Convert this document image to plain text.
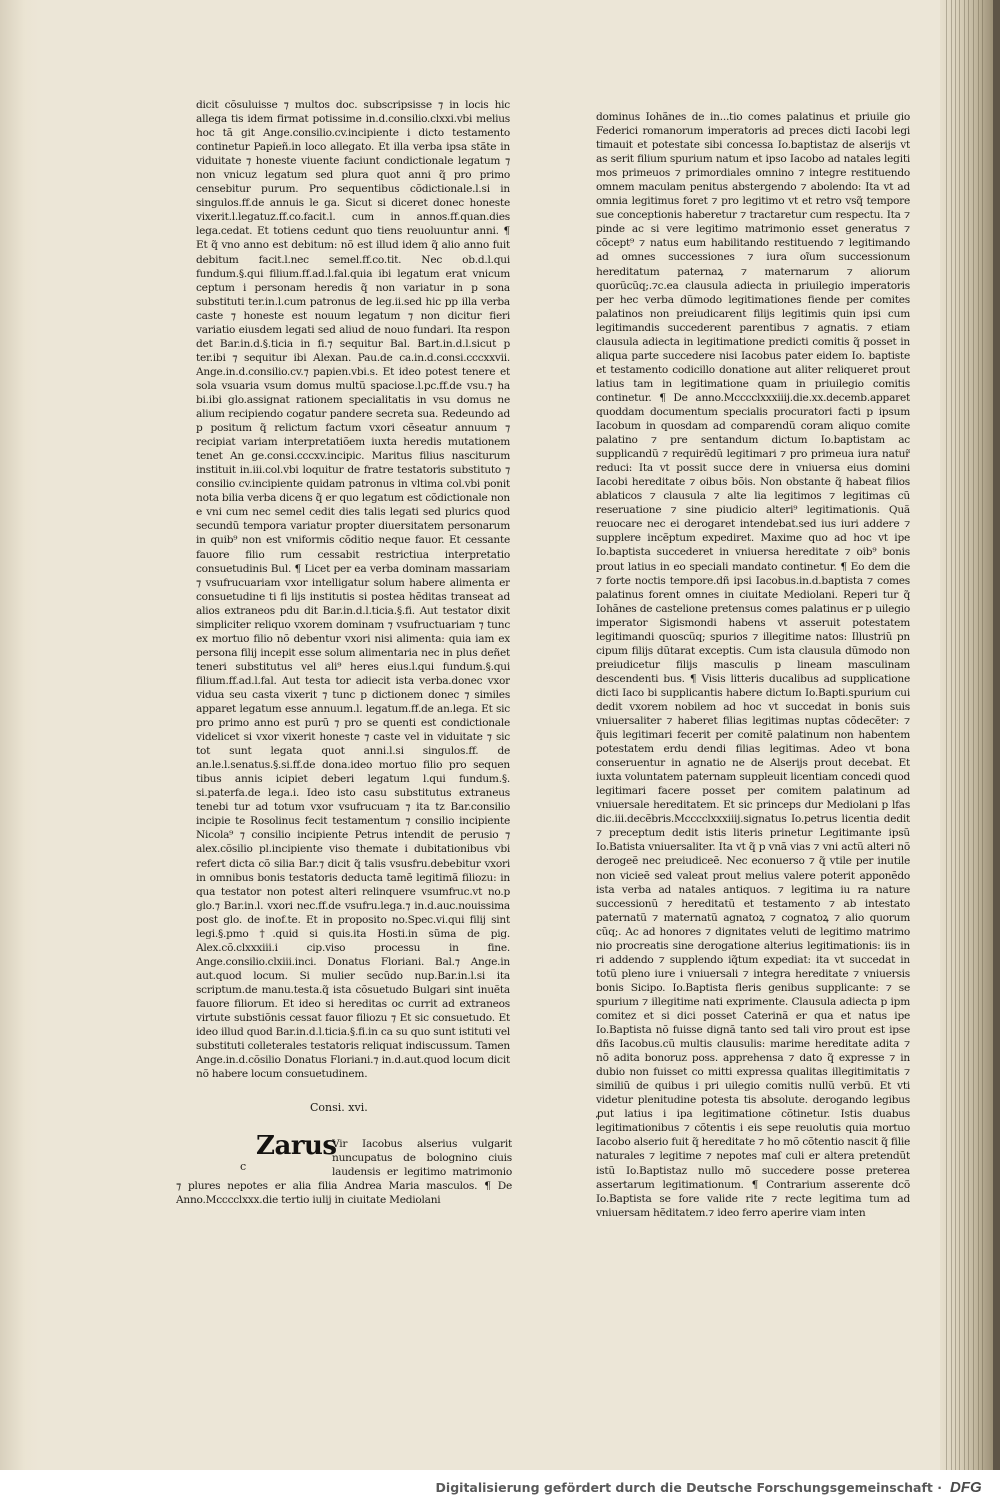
dicit cõsuluisse ⁊ multos doc. subscripsisse ⁊ in locis hic allega tis idem firmat potissime in.d.consilio.clxxi.vbi melius hoc tã git Ange.consilio.cv.incipiente i dicto testamento continetur Papieñ.in loco allegato. Et illa verba ipsa stãte in viduitate ⁊ honeste viuente faciunt condictionale legatum ⁊ non vnicuz legatum sed plura quot anni q̃ pro primo censebitur purum. Pro sequentibus cõdictionale.l.si in singulos.ff.de annuis le ga. Sicut si diceret donec honeste vixerit.l.legatuz.ff.co.facit.l. cum in annos.ff.quan.dies lega.cedat. Et totiens cedunt quo tiens reuoluuntur anni. ¶ Et q̃ vno anno est debitum: nõ est illud idem q̃ alio anno fuit debitum facit.l.nec semel.ff.co.tit. Nec ob.d.l.qui fundum.§.qui filium.ff.ad.l.fal.quia ibi legatum erat vnicum ceptum i personam heredis q̃ non variatur in p sona substituti ter.in.l.cum patronus de leg.ii.sed hic pp illa verba caste ⁊ honeste est nouum legatum ⁊ non dicitur fieri variatio eiusdem legati sed aliud de nouo fundari. Ita respon det Bar.in.d.§.ticia in fi.⁊ sequitur Bal. Bart.in.d.l.sicut p ter.ibi ⁊ sequitur ibi Alexan. Pau.de ca.in.d.consi.cccxxvii. Ange.in.d.consilio.cv.⁊ papien.vbi.s. Et ideo potest tenere et sola vsuaria vsum domus multũ spaciose.l.pc.ff.de vsu.⁊ ha bi.ibi glo.assignat rationem specialitatis in vsu domus ne alium recipiendo cogatur pandere secreta sua. Redeundo ad p positum q̃ relictum factum vxori cẽseatur annuum ⁊ recipiat variam interpretatiõem iuxta heredis mutationem tenet An ge.consi.cccxv.incipic. Maritus filius nasciturum instituit in.iii.col.vbi loquitur de fratre testatoris substituto ⁊ consilio cv.incipiente quidam patronus in vltima col.vbi ponit nota bilia verba dicens q̃ er quo legatum est cõdictionale non e vni cum nec semel cedit dies talis legati sed plurics quod secundũ tempora variatur propter diuersitatem personarum in quib⁹ non est vniformis cõditio neque fauor. Et cessante fauore filio rum cessabit restrictiua interpretatio consuetudinis Bul. ¶ Licet per ea verba dominam massariam ⁊ vsufrucuariam vxor intelligatur solum habere alimenta er consuetudine ti fi lijs institutis si postea hẽditas transeat ad alios extraneos pdu dit Bar.in.d.l.ticia.§.fi. Aut testator dixit simpliciter reliquo vxorem dominam ⁊ vsufructuariam ⁊ tunc ex mortuo filio nõ debentur vxori nisi alimenta: quia iam ex persona filij incepit esse solum alimentaria nec in plus deñet teneri substitutus vel ali⁹ heres eius.l.qui fundum.§.qui filium.ff.ad.l.fal. Aut testa tor adiecit ista verba.donec vxor vidua seu casta vixerit ⁊ tunc p dictionem donec ⁊ similes apparet legatum esse annuum.l. legatum.ff.de an.lega. Et sic pro primo anno est purũ ⁊ pro se quenti est condictionale videlicet si vxor vixerit honeste ⁊ caste vel in viduitate ⁊ sic tot sunt legata quot anni.l.si singulos.ff. de an.le.l.senatus.§.si.ff.de dona.ideo mortuo filio pro sequen tibus annis icipiet deberi legatum l.qui fundum.§. si.paterfa.de lega.i. Ideo isto casu substitutus extraneus tenebi tur ad totum vxor vsufrucuam ⁊ ita tz Bar.consilio incipie te Rosolinus fecit testamentum ⁊ consilio incipiente Nicola⁹ ⁊ consilio incipiente Petrus intendit de perusio ⁊ alex.cõsilio pl.incipiente viso themate i dubitationibus vbi refert dicta cõ silia Bar.⁊ dicit q̃ talis vsusfru.debebitur vxori in omnibus bonis testatoris deducta tamẽ legitimã filiozu: in qua testator non potest alteri relinquere vsumfruc.vt no.p glo.⁊ Bar.in.l. vxori nec.ff.de vsufru.lega.⁊ in.d.auc.nouissima post glo. de inof.te. Et in proposito no.Spec.vi.qui filij sint legi.§.pmo †.quid si quis.ita Hosti.in sũma de pig. Alex.cõ.clxxxiii.i cip.viso processu in fine. Ange.consilio.clxiii.inci. Donatus Floriani. Bal.⁊ Ange.in aut.quod locum. Si mulier secũdo nup.Bar.in.l.si ita scriptum.de manu.testa.q̃ ista cõsuetudo Bulgari sint inuẽta fauore filiorum. Et ideo si hereditas oc currit ad extraneos virtute substiõnis cessat fauor filiozu ⁊ Et sic consuetudo. Et ideo illud quod Bar.in.d.l.ticia.§.fi.in ca su quo sunt istituti vel substituti colleterales testatoris reliquat indiscussum. Tamen Ange.in.d.cõsilio Donatus Floriani.⁊ in.d.aut.quod locum dicit nõ habere locum consuetudinem.
Consi. xvi.
Zarus
c
Vir Iacobus alserius vulgarit nuncupatus de bolognino ciuis laudensis er legitimo matrimonio
⁊ plures nepotes er alia filia Andrea Maria masculos. ¶ De Anno.Mcccclxxx.die tertio iulij in ciuitate Mediolani
dominus Iohãnes de in...tio comes palatinus et priuile gio Federici romanorum imperatoris ad preces dicti Iacobi legi timauit et potestate sibi concessa Io.baptistaz de alserijs vt as serit filium spurium natum et ipso Iacobo ad natales legiti mos primeuos ⁊ primordiales omnino ⁊ integre restituendo omnem maculam penitus abstergendo ⁊ abolendo: Ita vt ad omnia legitimus foret ⁊ pro legitimo vt et retro vsq̃ tempore sue conceptionis haberetur ⁊ tractaretur cum respectu. Ita ⁊ pinde ac si vere legitimo matrimonio esset generatus ⁊ cõcept⁹ ⁊ natus eum habilitando restituendo ⁊ legitimando ad omnes successiones ⁊ iura oĩum successionum hereditatum paternaꝝ ⁊ maternarum ⁊ aliorum quorũcũq;.⁊c.ea clausula adiecta in priuilegio imperatoris per hec verba dũmodo legitimationes fiende per comites palatinos non preiudicarent filijs legitimis quin ipsi cum legitimandis succederent parentibus ⁊ agnatis. ⁊ etiam clausula adiecta in legitimatione predicti comitis q̃ posset in aliqua parte succedere nisi Iacobus pater eidem Io. baptiste et testamento codicillo donatione aut aliter reliqueret prout latius tam in legitimatione quam in priuilegio comitis continetur. ¶ De anno.Mcccclxxxiiij.die.xx.decemb.apparet quoddam documentum specialis procuratori facti p ipsum Iacobum in quosdam ad comparendũ coram aliquo comite palatino ⁊ pre sentandum dictum Io.baptistam ac supplicandũ ⁊ requirẽdũ legitimari ⁊ pro primeua iura natur̃ reduci: Ita vt possit succe dere in vniuersa eius domini Iacobi hereditate ⁊ oibus bõis. Non obstante q̃ habeat filios ablaticos ⁊ clausula ⁊ alte lia legitimos ⁊ legitimas cũ reseruatione ⁊ sine piudicio alteri⁹ legitimationis. Quã reuocare nec ei derogaret intendebat.sed ius iuri addere ⁊ supplere incẽptum expediret. Maxime quo ad hoc vt ipe Io.baptista succederet in vniuersa hereditate ⁊ oib⁹ bonis prout latius in eo speciali mandato continetur. ¶ Eo dem die ⁊ forte noctis tempore.dñ ipsi Iacobus.in.d.baptista ⁊ comes palatinus forent omnes in ciuitate Mediolani. Reperi tur q̃ Iohãnes de castelione pretensus comes palatinus er p uilegio imperator Sigismondi habens vt asseruit potestatem legitimandi quoscũq; spurios ⁊ illegitime natos: Illustriũ pn cipum filijs dũtarat exceptis. Cum ista clausula dũmodo non preiudicetur filijs masculis p lineam masculinam descendenti bus. ¶ Visis litteris ducalibus ad supplicatione dicti Iaco bi supplicantis habere dictum Io.Bapti.spurium cui dedit vxorem nobilem ad hoc vt succedat in bonis suis vniuersaliter ⁊ haberet filias legitimas nuptas cõdecẽter: ⁊ q̃uis legitimari fecerit per comitẽ palatinum non habentem potestatem erdu dendi filias legitimas. Adeo vt bona conseruentur in agnatio ne de Alserijs prout decebat. Et iuxta voluntatem paternam suppleuit licentiam concedi quod legitimari facere posset per comitem palatinum ad vniuersale hereditatem. Et sic princeps dur Mediolani p lfas dic.iii.decẽbris.Mcccclxxxiiij.signatus Io.petrus licentia dedit ⁊ preceptum dedit istis literis prinetur Legitimante ipsũ Io.Batista vniuersaliter. Ita vt q̃ p vnã vias ⁊ vni actũ alteri nõ derogeẽ nec preiudiceẽ. Nec econuerso ⁊ q̃ vtile per inutile non vicieẽ sed valeat prout melius valere poterit apponẽdo ista verba ad natales antiquos. ⁊ legitima iu ra nature successionũ ⁊ hereditatũ et testamento ⁊ ab intestato paternatũ ⁊ maternatũ agnatoꝝ ⁊ cognatoꝝ ⁊ alio quorum cũq;. Ac ad honores ⁊ dignitates veluti de legitimo matrimo nio procreatis sine derogatione alterius legitimationis: iis in ri addendo ⁊ supplendo iq̃tum expediat: ita vt succedat in totũ pleno iure i vniuersali ⁊ integra hereditate ⁊ vniuersis bonis Sicipo. Io.Baptista fleris genibus supplicante: ⁊ se spurium ⁊ illegitime nati exprimente. Clausula adiecta p ipm comitez et si dici posset Caterinã er qua et natus ipe Io.Baptista nõ fuisse dignã tanto sed tali viro prout est ipse dñs Iacobus.cũ multis clausulis: marime hereditate adita ⁊ nõ adita bonoruz poss. apprehensa ⁊ dato q̃ expresse ⁊ in dubio non fuisset co mitti expressa qualitas illegitimitatis ⁊ similiũ de quibus i pri uilegio comitis nullũ verbũ. Et vti videtur plenitudine potesta tis absolute. derogando legibus ꝓut latius i ipa legitimatione cõtinetur. Istis duabus legitimationibus ⁊ cõtentis i eis sepe reuolutis quia mortuo Iacobo alserio fuit q̃ hereditate ⁊ ho mõ cõtentio nascit q̃ filie naturales ⁊ legitime ⁊ nepotes maſ culi er altera pretendũt istũ Io.Baptistaz nullo mõ succedere posse preterea assertarum legitimationum. ¶ Contrarium asserente dcõ Io.Baptista se fore valide rite ⁊ recte legitima tum ad vniuersam hẽditatem.⁊ ideo ferro aperire viam inten
Digitalisierung gefördert durch die Deutsche Forschungsgemeinschaft · DFG
